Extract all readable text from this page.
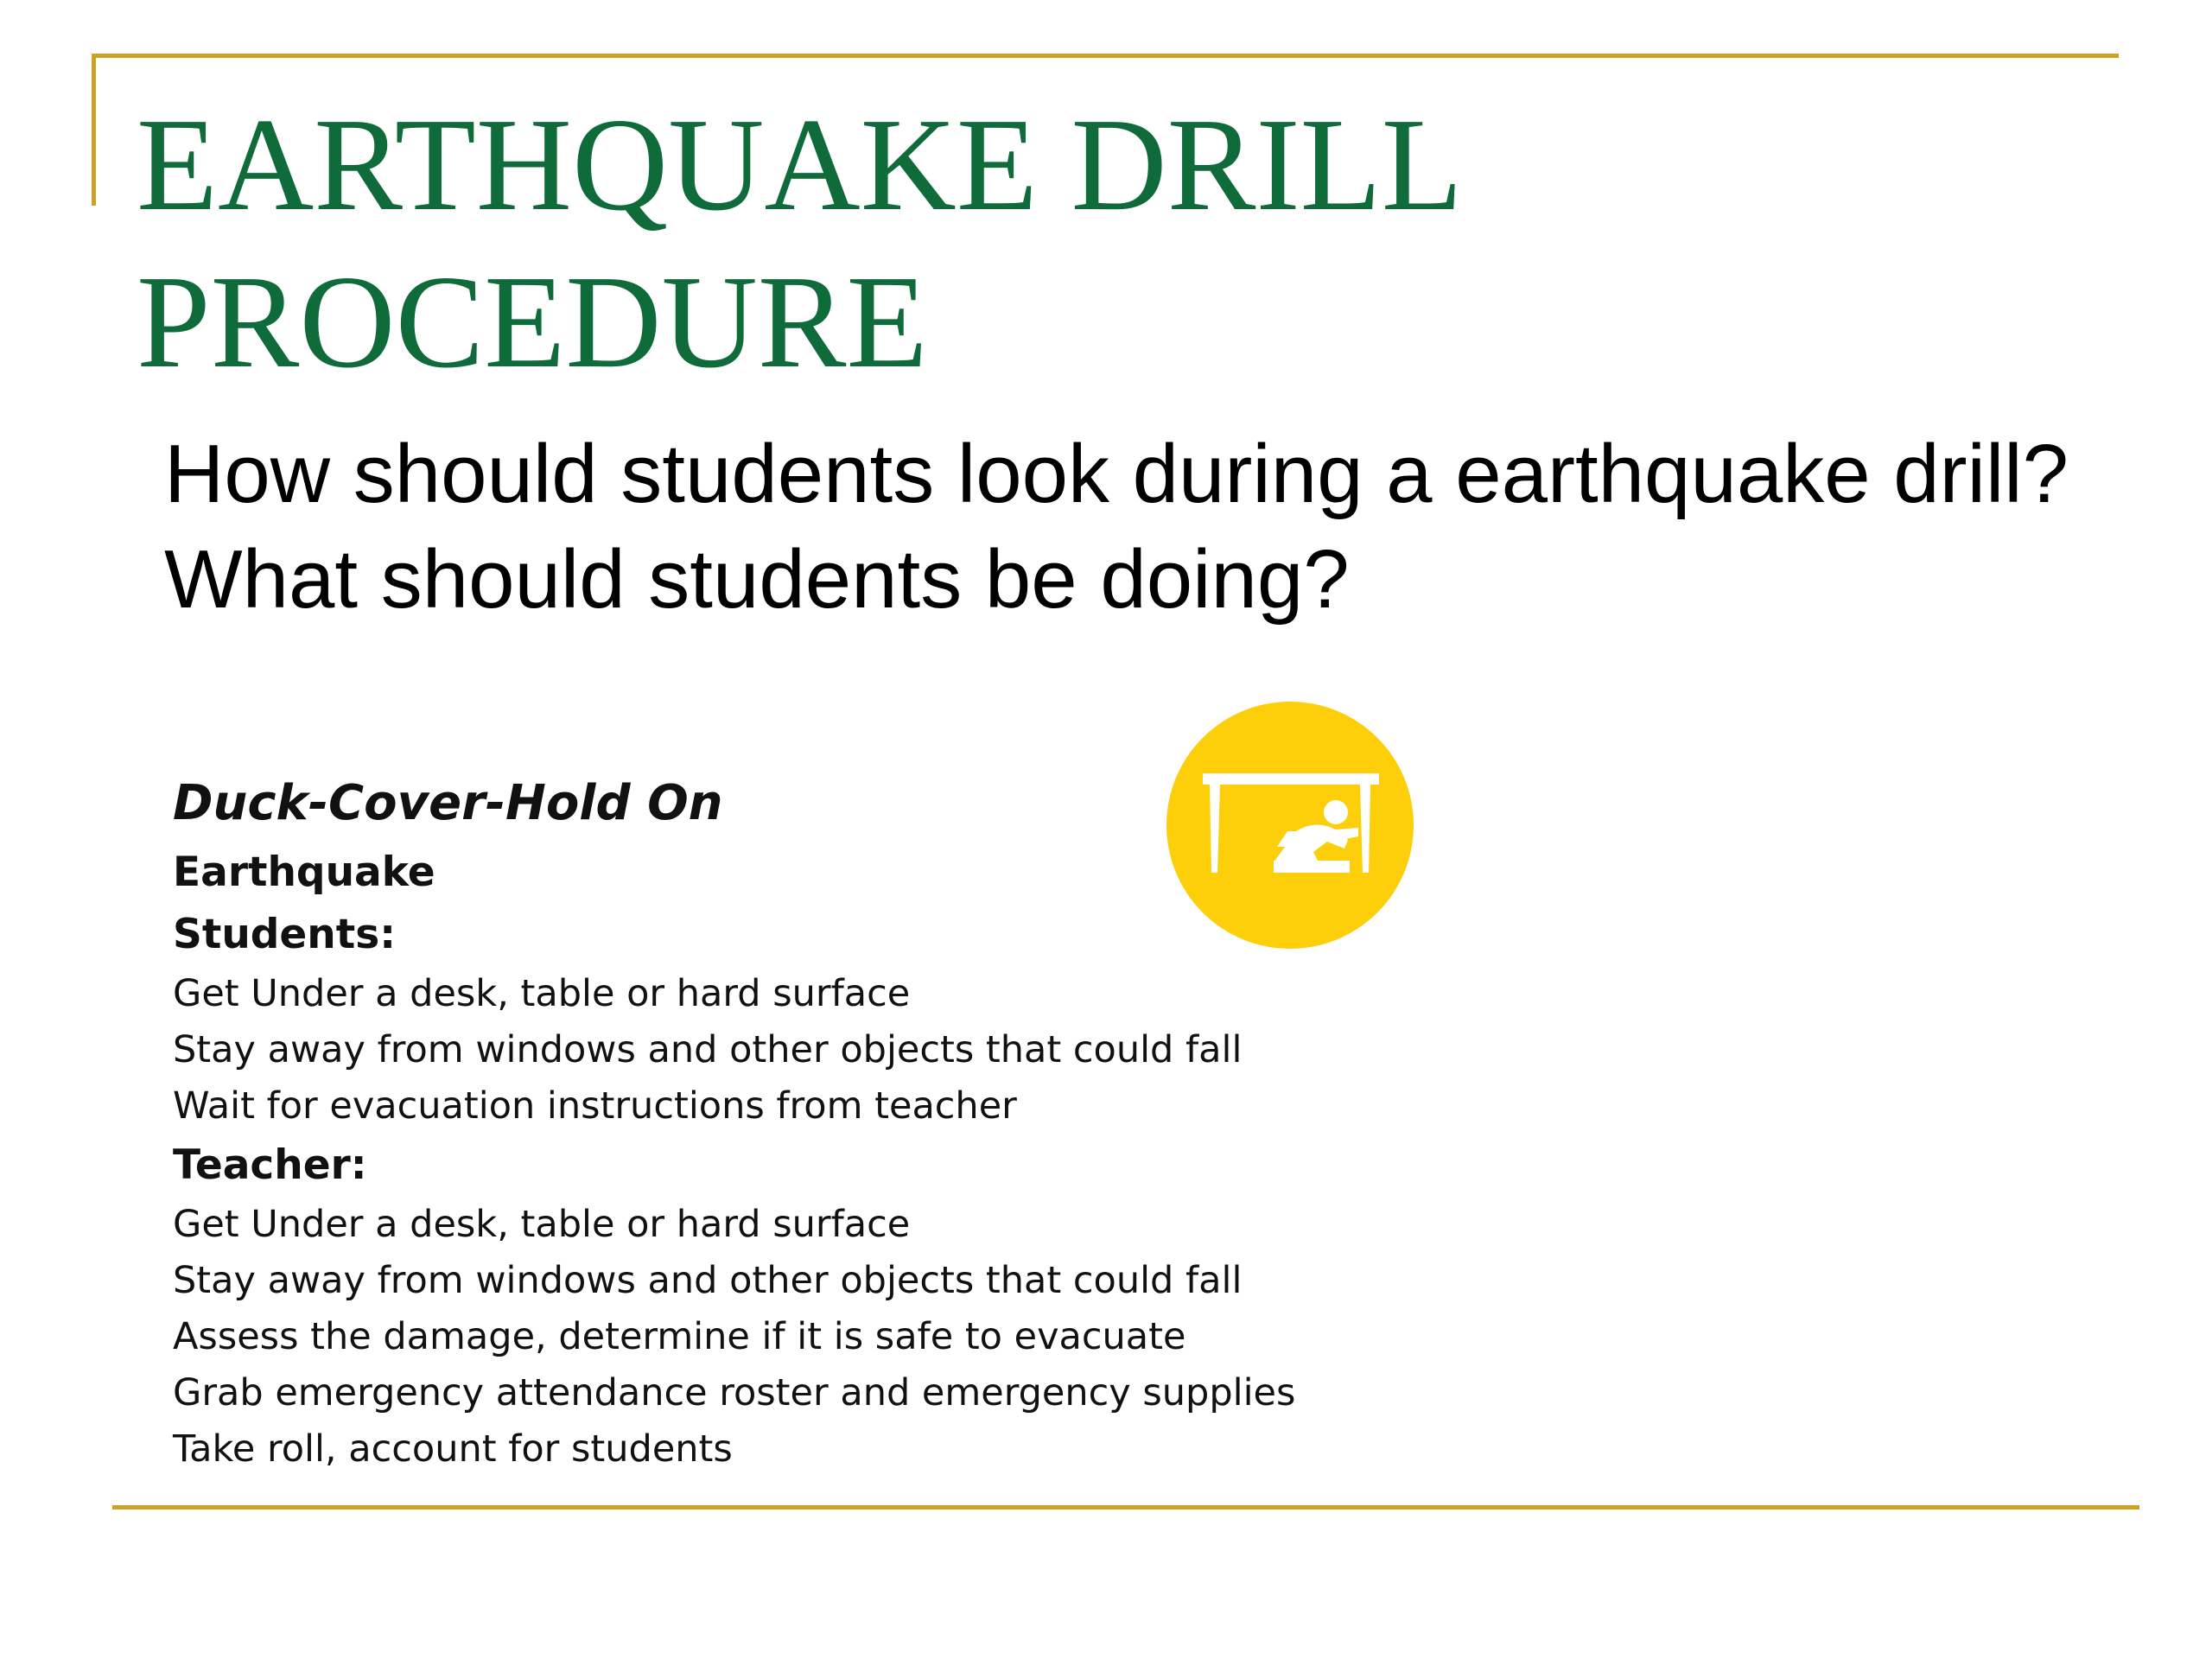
EARTHQUAKE DRILL
PROCEDURE

How should students look during a earthquake drill? What should students be doing?

Duck-Cover-Hold On

Earthquake

Students:

Get Under a desk, table or hard surface
Stay away from windows and other objects that could fall
Wait for evacuation instructions from teacher

Teacher:

Get Under a desk, table or hard surface
Stay away from windows and other objects that could fall
Assess the damage, determine if it is safe to evacuate
Grab emergency attendance roster and emergency supplies
Take roll, account for students
